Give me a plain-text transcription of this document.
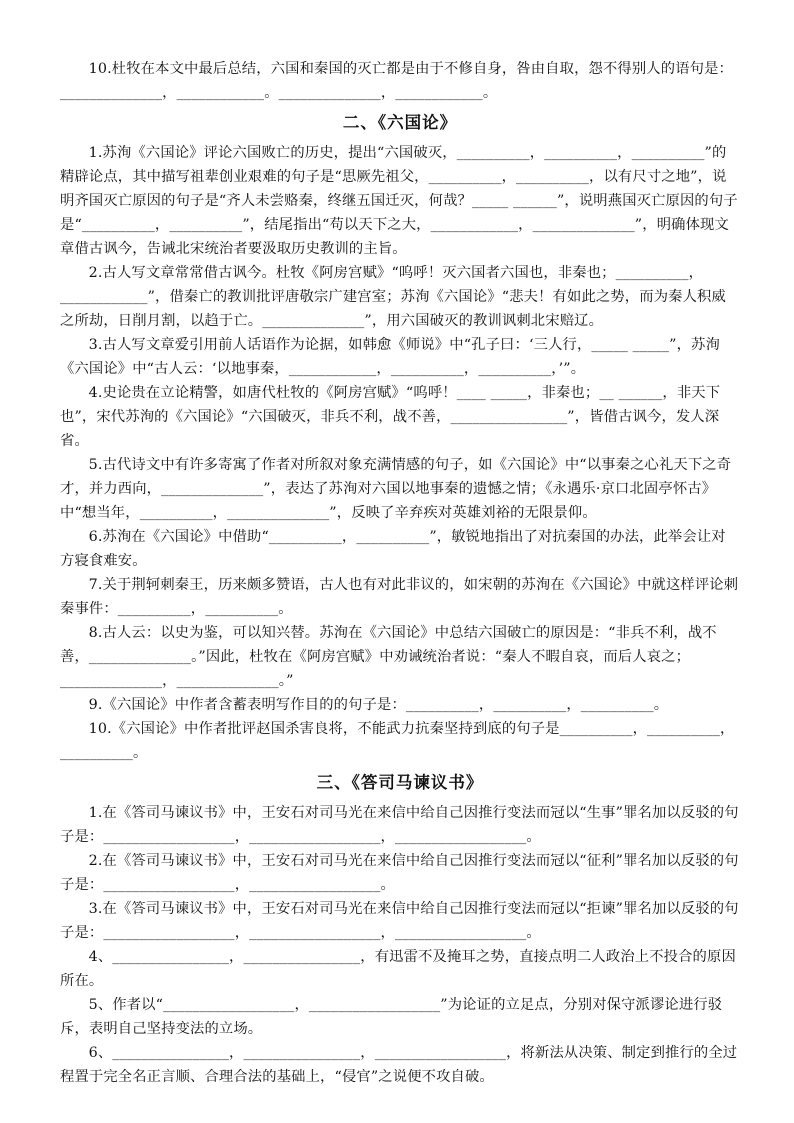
10.杜牧在本文中最后总结，六国和秦国的灭亡都是由于不修自身，咎由自取，怨不得别人的语句是：______________，____________。______________，____________。

二、《六国论》

1.苏洵《六国论》评论六国败亡的历史，提出“六国破灭，__________，__________，__________”的精辟论点，其中描写祖辈创业艰难的句子是“思厥先祖父，__________，__________，以有尺寸之地”，说明齐国灭亡原因的句子是“齐人未尝赂秦，终继五国迁灭，何哉？_____ ______”，说明燕国灭亡原因的句子是“__________，__________”，结尾指出“苟以天下之大，____________，______________”，明确体现文章借古讽今，告诫北宋统治者要汲取历史教训的主旨。

2.古人写文章常常借古讽今。杜牧《阿房宫赋》“呜呼！灭六国者六国也，非秦也；__________，____________”，借秦亡的教训批评唐敬宗广建宫室；苏洵《六国论》“悲夫！有如此之势，而为秦人积威之所劫，日削月割，以趋于亡。______________”，用六国破灭的教训讽刺北宋赔辽。

3.古人写文章爱引用前人话语作为论据，如韩愈《师说》中“孔子曰：‘三人行，_____ _____”，苏洵《六国论》中“古人云：‘以地事秦，____________，__________，__________，’”。

4.史论贵在立论精警，如唐代杜牧的《阿房宫赋》“呜呼！____ _____，非秦也；__ ______，非天下也”，宋代苏洵的《六国论》“六国破灭，非兵不利，战不善，________________”，皆借古讽今，发人深省。

5.古代诗文中有许多寄寓了作者对所叙对象充满情感的句子，如《六国论》中“以事秦之心礼天下之奇才，并力西向，______________”，表达了苏洵对六国以地事秦的遗憾之情；《永遇乐·京口北固亭怀古》中“想当年，__________，______________”，反映了辛弃疾对英雄刘裕的无限景仰。

6.苏洵在《六国论》中借助“__________，__________”，敏锐地指出了对抗秦国的办法，此举会让对方寝食难安。

7.关于荆轲刺秦王，历来颇多赞语，古人也有对此非议的，如宋朝的苏洵在《六国论》中就这样评论刺秦事件：__________，__________。

8.古人云：以史为鉴，可以知兴替。苏洵在《六国论》中总结六国破亡的原因是：“非兵不利，战不善，______________。”因此，杜牧在《阿房宫赋》中劝诫统治者说：“秦人不暇自哀，而后人哀之；______________，______________。”

9.《六国论》中作者含蓄表明写作目的的句子是：__________，__________，__________。

10.《六国论》中作者批评赵国杀害良将，不能武力抗秦坚持到底的句子是__________，__________，__________。

三、《答司马谏议书》

1.在《答司马谏议书》中，王安石对司马光在来信中给自己因推行变法而冠以“生事”罪名加以反驳的句子是：__________________，__________________，__________________。

2.在《答司马谏议书》中，王安石对司马光在来信中给自己因推行变法而冠以“征利”罪名加以反驳的句子是：__________________，__________________。

3.在《答司马谏议书》中，王安石对司马光在来信中给自己因推行变法而冠以“拒谏”罪名加以反驳的句子是：__________________，__________________，__________________。

4、________________，________________，有迅雷不及掩耳之势，直接点明二人政治上不投合的原因所在。

5、作者以“__________________，__________________”为论证的立足点，分别对保守派谬论进行驳斥，表明自己坚持变法的立场。

6、________________，________________，__________________，将新法从决策、制定到推行的全过程置于完全名正言顺、合理合法的基础上，“侵官”之说便不攻自破。
